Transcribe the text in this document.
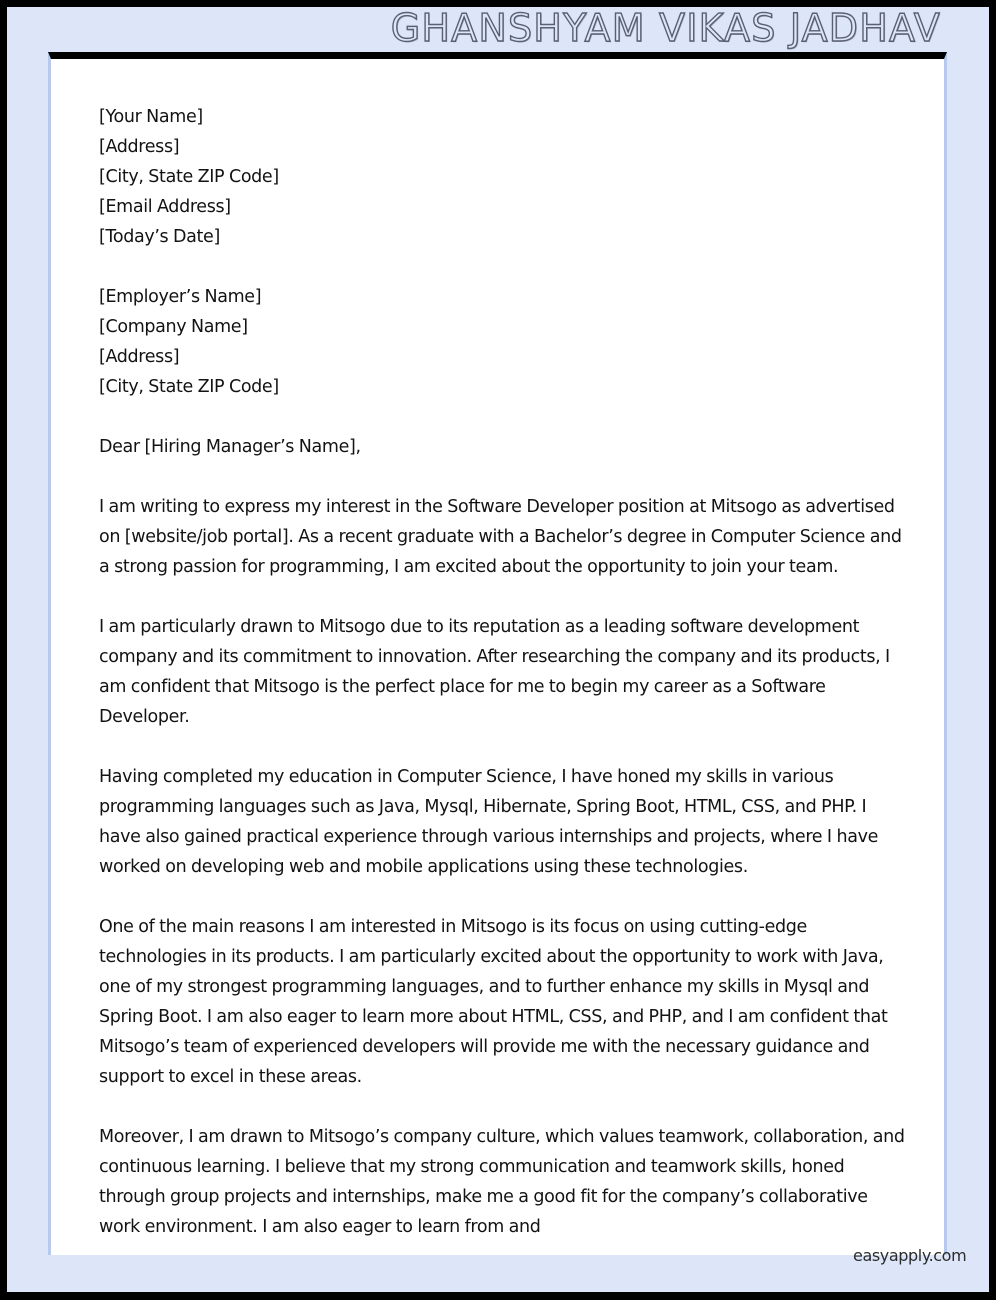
GHANSHYAM VIKAS JADHAV

[Your Name]
[Address]
[City, State ZIP Code]
[Email Address]
[Today’s Date]

[Employer’s Name]
[Company Name]
[Address]
[City, State ZIP Code]

Dear [Hiring Manager’s Name],

I am writing to express my interest in the Software Developer position at Mitsogo as advertised on [website/job portal]. As a recent graduate with a Bachelor’s degree in Computer Science and a strong passion for programming, I am excited about the opportunity to join your team.

I am particularly drawn to Mitsogo due to its reputation as a leading software development company and its commitment to innovation. After researching the company and its products, I am confident that Mitsogo is the perfect place for me to begin my career as a Software Developer.

Having completed my education in Computer Science, I have honed my skills in various programming languages such as Java, Mysql, Hibernate, Spring Boot, HTML, CSS, and PHP. I have also gained practical experience through various internships and projects, where I have worked on developing web and mobile applications using these technologies.

One of the main reasons I am interested in Mitsogo is its focus on using cutting-edge technologies in its products. I am particularly excited about the opportunity to work with Java, one of my strongest programming languages, and to further enhance my skills in Mysql and Spring Boot. I am also eager to learn more about HTML, CSS, and PHP, and I am confident that Mitsogo’s team of experienced developers will provide me with the necessary guidance and support to excel in these areas.

Moreover, I am drawn to Mitsogo’s company culture, which values teamwork, collaboration, and continuous learning. I believe that my strong communication and teamwork skills, honed through group projects and internships, make me a good fit for the company’s collaborative work environment. I am also eager to learn from and

easyapply.com
